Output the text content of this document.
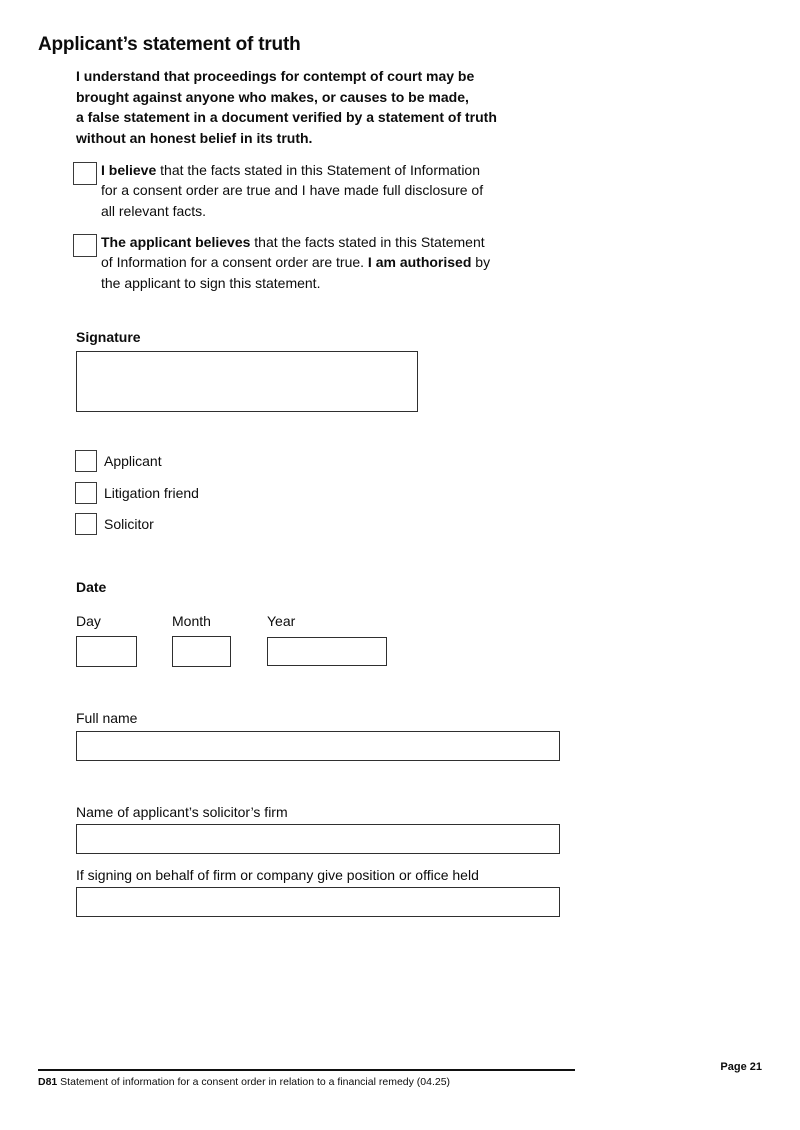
Applicant’s statement of truth
I understand that proceedings for contempt of court may be
brought against anyone who makes, or causes to be made,
a false statement in a document verified by a statement of truth
without an honest belief in its truth.
I believe that the facts stated in this Statement of Information
for a consent order are true and I have made full disclosure of
all relevant facts.
The applicant believes that the facts stated in this Statement
of Information for a consent order are true. I am authorised by
the applicant to sign this statement.
Signature
Applicant
Litigation friend
Solicitor
Date
Day	Month	Year
Full name
Name of applicant’s solicitor’s firm
If signing on behalf of firm or company give position or office held
D81 Statement of information for a consent order in relation to a financial remedy (04.25)
Page 21
